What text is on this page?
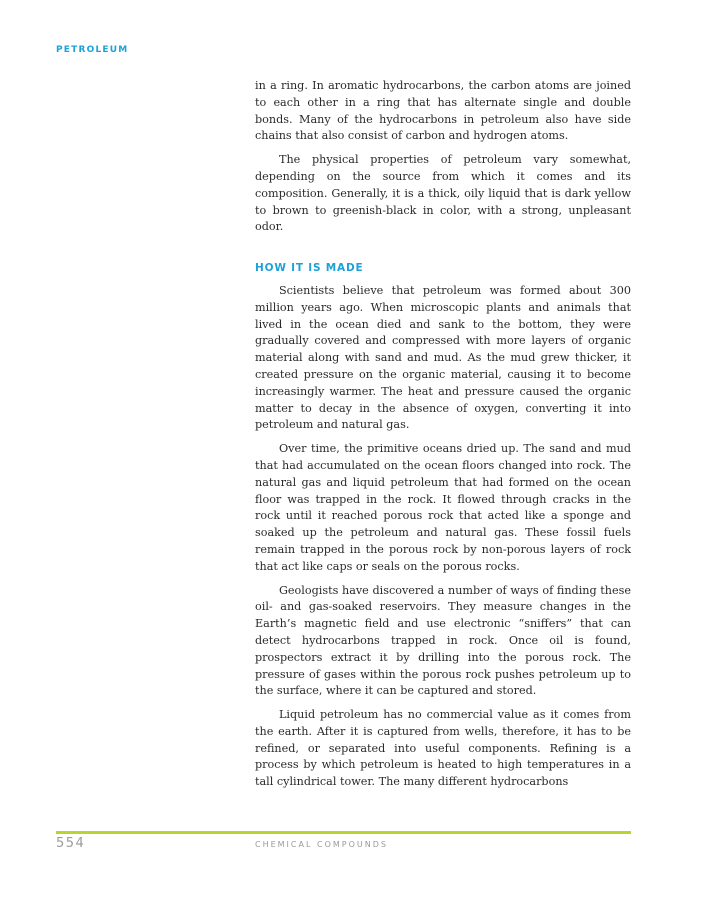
PETROLEUM

in a ring. In aromatic hydrocarbons, the carbon atoms are joined to each other in a ring that has alternate single and double bonds. Many of the hydrocarbons in petroleum also have side chains that also consist of carbon and hydrogen atoms.

The physical properties of petroleum vary somewhat, depending on the source from which it comes and its composition. Generally, it is a thick, oily liquid that is dark yellow to brown to greenish-black in color, with a strong, unpleasant odor.

HOW IT IS MADE

Scientists believe that petroleum was formed about 300 million years ago. When microscopic plants and animals that lived in the ocean died and sank to the bottom, they were gradually covered and compressed with more layers of organic material along with sand and mud. As the mud grew thicker, it created pressure on the organic material, causing it to become increasingly warmer. The heat and pressure caused the organic matter to decay in the absence of oxygen, converting it into petroleum and natural gas.

Over time, the primitive oceans dried up. The sand and mud that had accumulated on the ocean floors changed into rock. The natural gas and liquid petroleum that had formed on the ocean floor was trapped in the rock. It flowed through cracks in the rock until it reached porous rock that acted like a sponge and soaked up the petroleum and natural gas. These fossil fuels remain trapped in the porous rock by non-porous layers of rock that act like caps or seals on the porous rocks.

Geologists have discovered a number of ways of finding these oil- and gas-soaked reservoirs. They measure changes in the Earth’s magnetic field and use electronic “sniffers” that can detect hydrocarbons trapped in rock. Once oil is found, prospectors extract it by drilling into the porous rock. The pressure of gases within the porous rock pushes petroleum up to the surface, where it can be captured and stored.

Liquid petroleum has no commercial value as it comes from the earth. After it is captured from wells, therefore, it has to be refined, or separated into useful components. Refining is a process by which petroleum is heated to high temperatures in a tall cylindrical tower. The many different hydrocarbons

554	CHEMICAL COMPOUNDS
